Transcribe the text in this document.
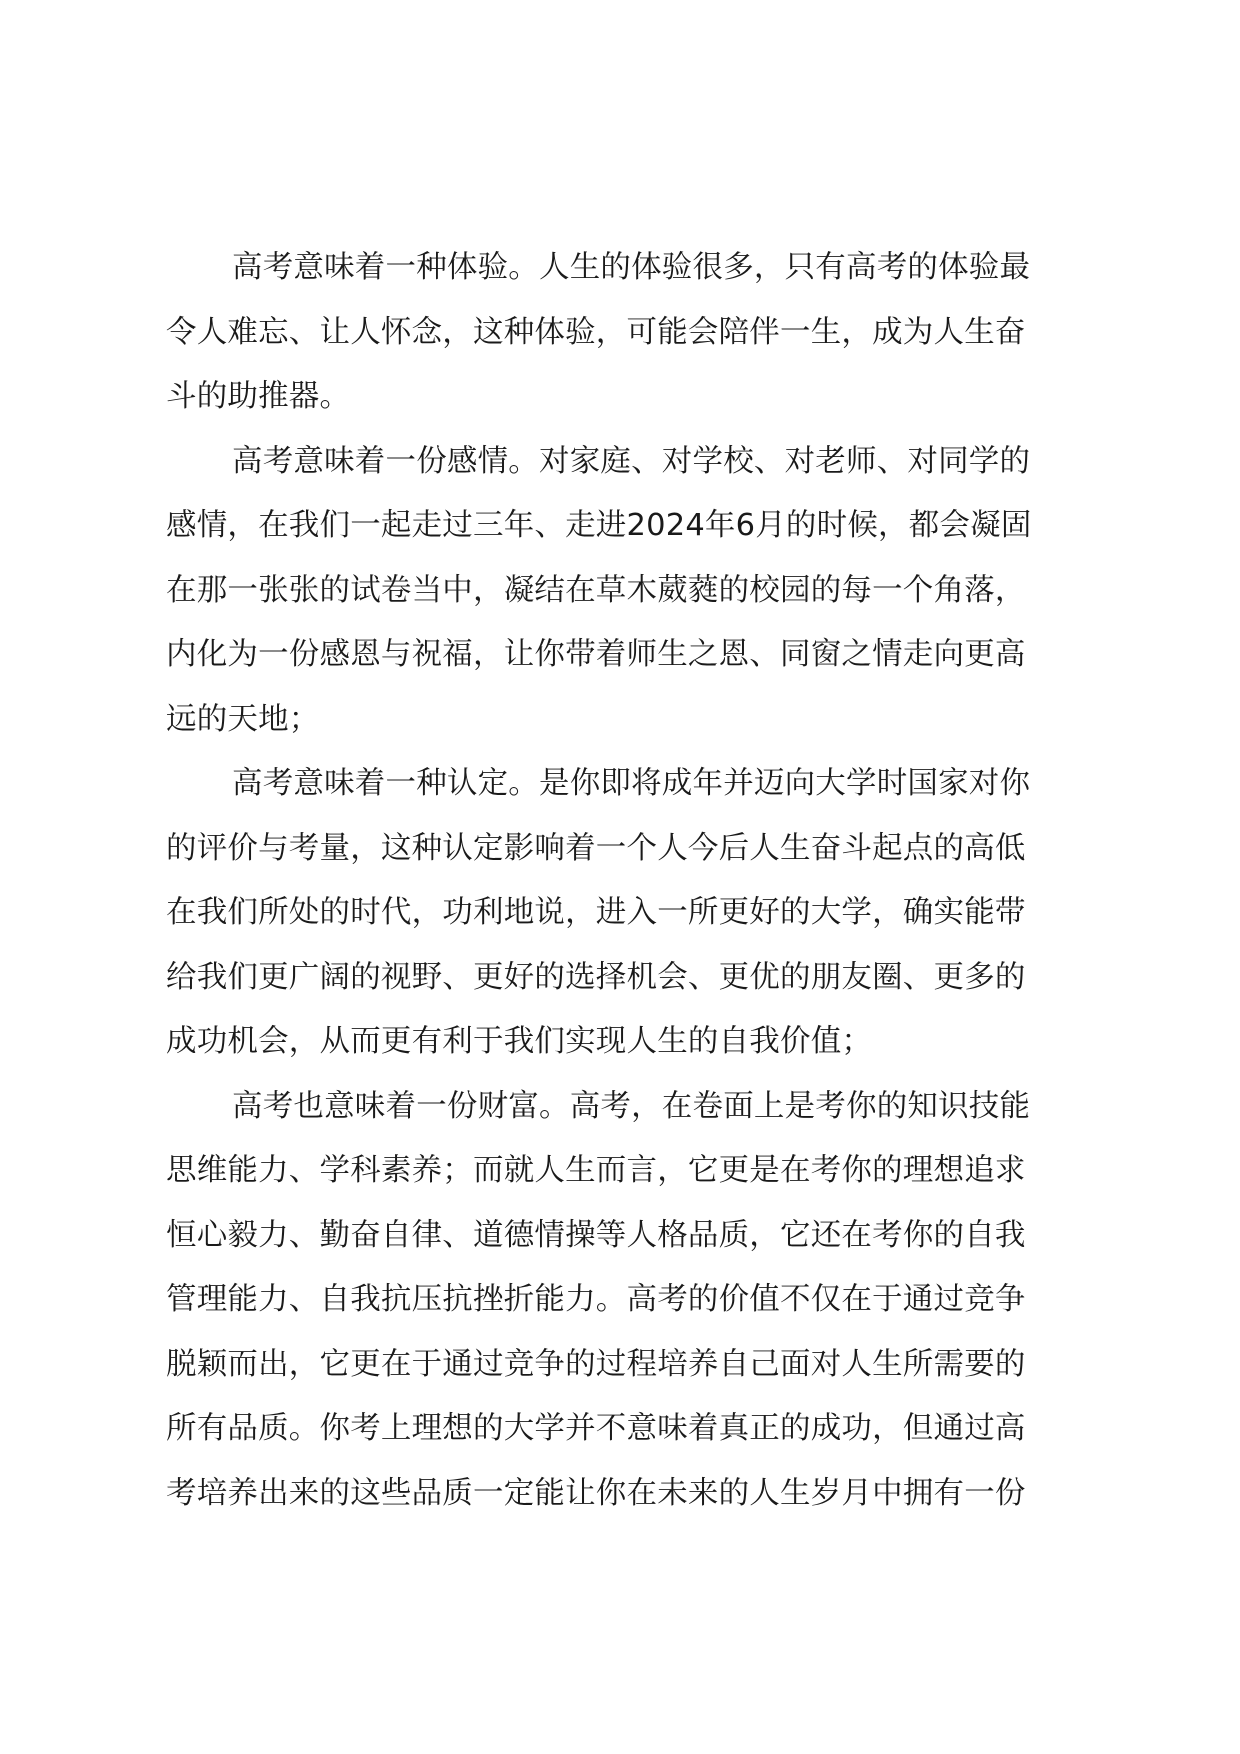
高考意味着一种体验。人生的体验很多，只有高考的体验最
令人难忘、让人怀念，这种体验，可能会陪伴一生，成为人生奋
斗的助推器。
高考意味着一份感情。对家庭、对学校、对老师、对同学的
感情，在我们一起走过三年、走进2024年6月的时候，都会凝固
在那一张张的试卷当中，凝结在草木葳蕤的校园的每一个角落，
内化为一份感恩与祝福，让你带着师生之恩、同窗之情走向更高
远的天地；
高考意味着一种认定。是你即将成年并迈向大学时国家对你
的评价与考量，这种认定影响着一个人今后人生奋斗起点的高低
在我们所处的时代，功利地说，进入一所更好的大学，确实能带
给我们更广阔的视野、更好的选择机会、更优的朋友圈、更多的
成功机会，从而更有利于我们实现人生的自我价值；
高考也意味着一份财富。高考，在卷面上是考你的知识技能
思维能力、学科素养；而就人生而言，它更是在考你的理想追求
恒心毅力、勤奋自律、道德情操等人格品质，它还在考你的自我
管理能力、自我抗压抗挫折能力。高考的价值不仅在于通过竞争
脱颖而出，它更在于通过竞争的过程培养自己面对人生所需要的
所有品质。你考上理想的大学并不意味着真正的成功，但通过高
考培养出来的这些品质一定能让你在未来的人生岁月中拥有一份
